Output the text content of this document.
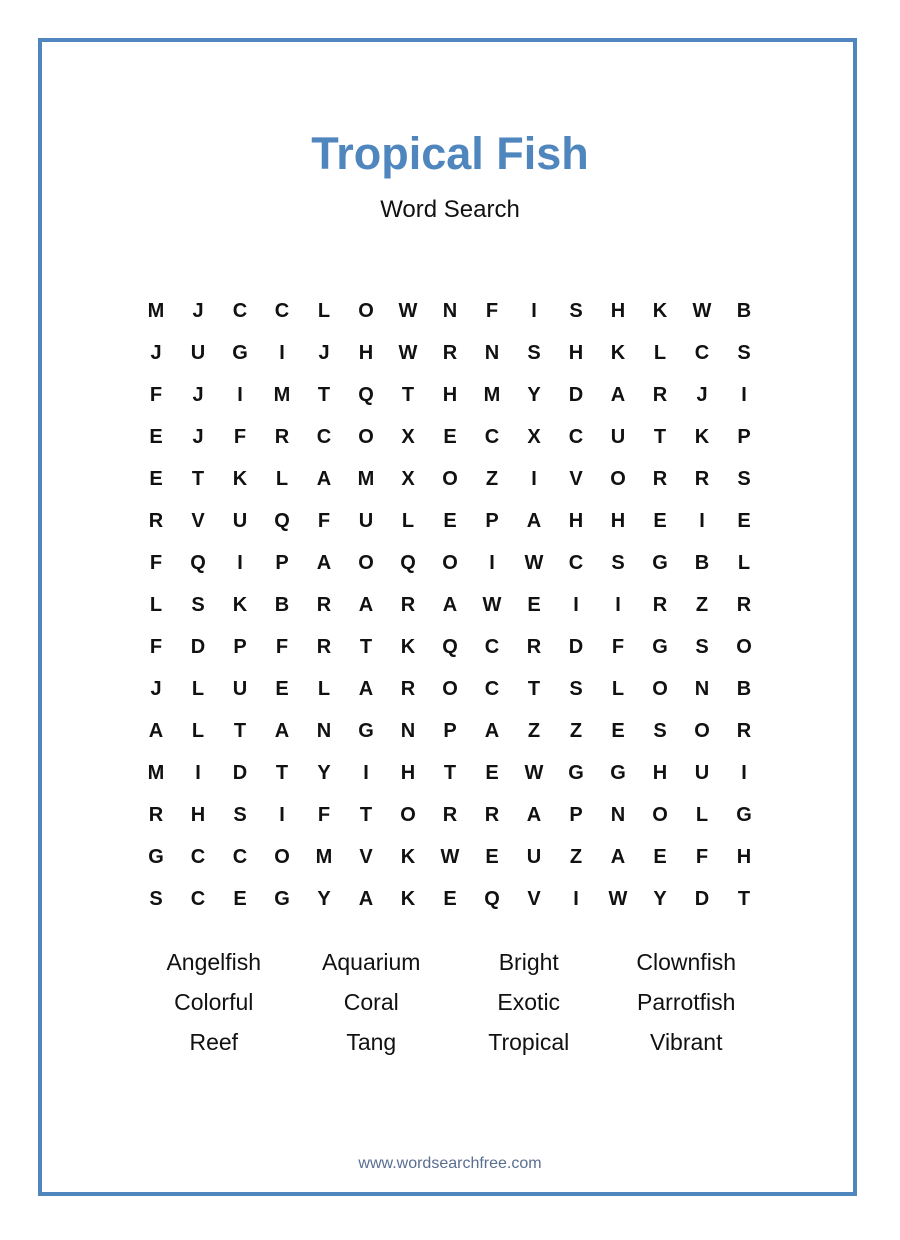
Tropical Fish
Word Search
M	J	C	C	L	O	W	N	F	I	S	H	K	W	B
J	U	G	I	J	H	W	R	N	S	H	K	L	C	S
F	J	I	M	T	Q	T	H	M	Y	D	A	R	J	I
E	J	F	R	C	O	X	E	C	X	C	U	T	K	P
E	T	K	L	A	M	X	O	Z	I	V	O	R	R	S
R	V	U	Q	F	U	L	E	P	A	H	H	E	I	E
F	Q	I	P	A	O	Q	O	I	W	C	S	G	B	L
L	S	K	B	R	A	R	A	W	E	I	I	R	Z	R
F	D	P	F	R	T	K	Q	C	R	D	F	G	S	O
J	L	U	E	L	A	R	O	C	T	S	L	O	N	B
A	L	T	A	N	G	N	P	A	Z	Z	E	S	O	R
M	I	D	T	Y	I	H	T	E	W	G	G	H	U	I
R	H	S	I	F	T	O	R	R	A	P	N	O	L	G
G	C	C	O	M	V	K	W	E	U	Z	A	E	F	H
S	C	E	G	Y	A	K	E	Q	V	I	W	Y	D	T
Angelfish	Aquarium	Bright	Clownfish
Colorful	Coral	Exotic	Parrotfish
Reef	Tang	Tropical	Vibrant
www.wordsearchfree.com
